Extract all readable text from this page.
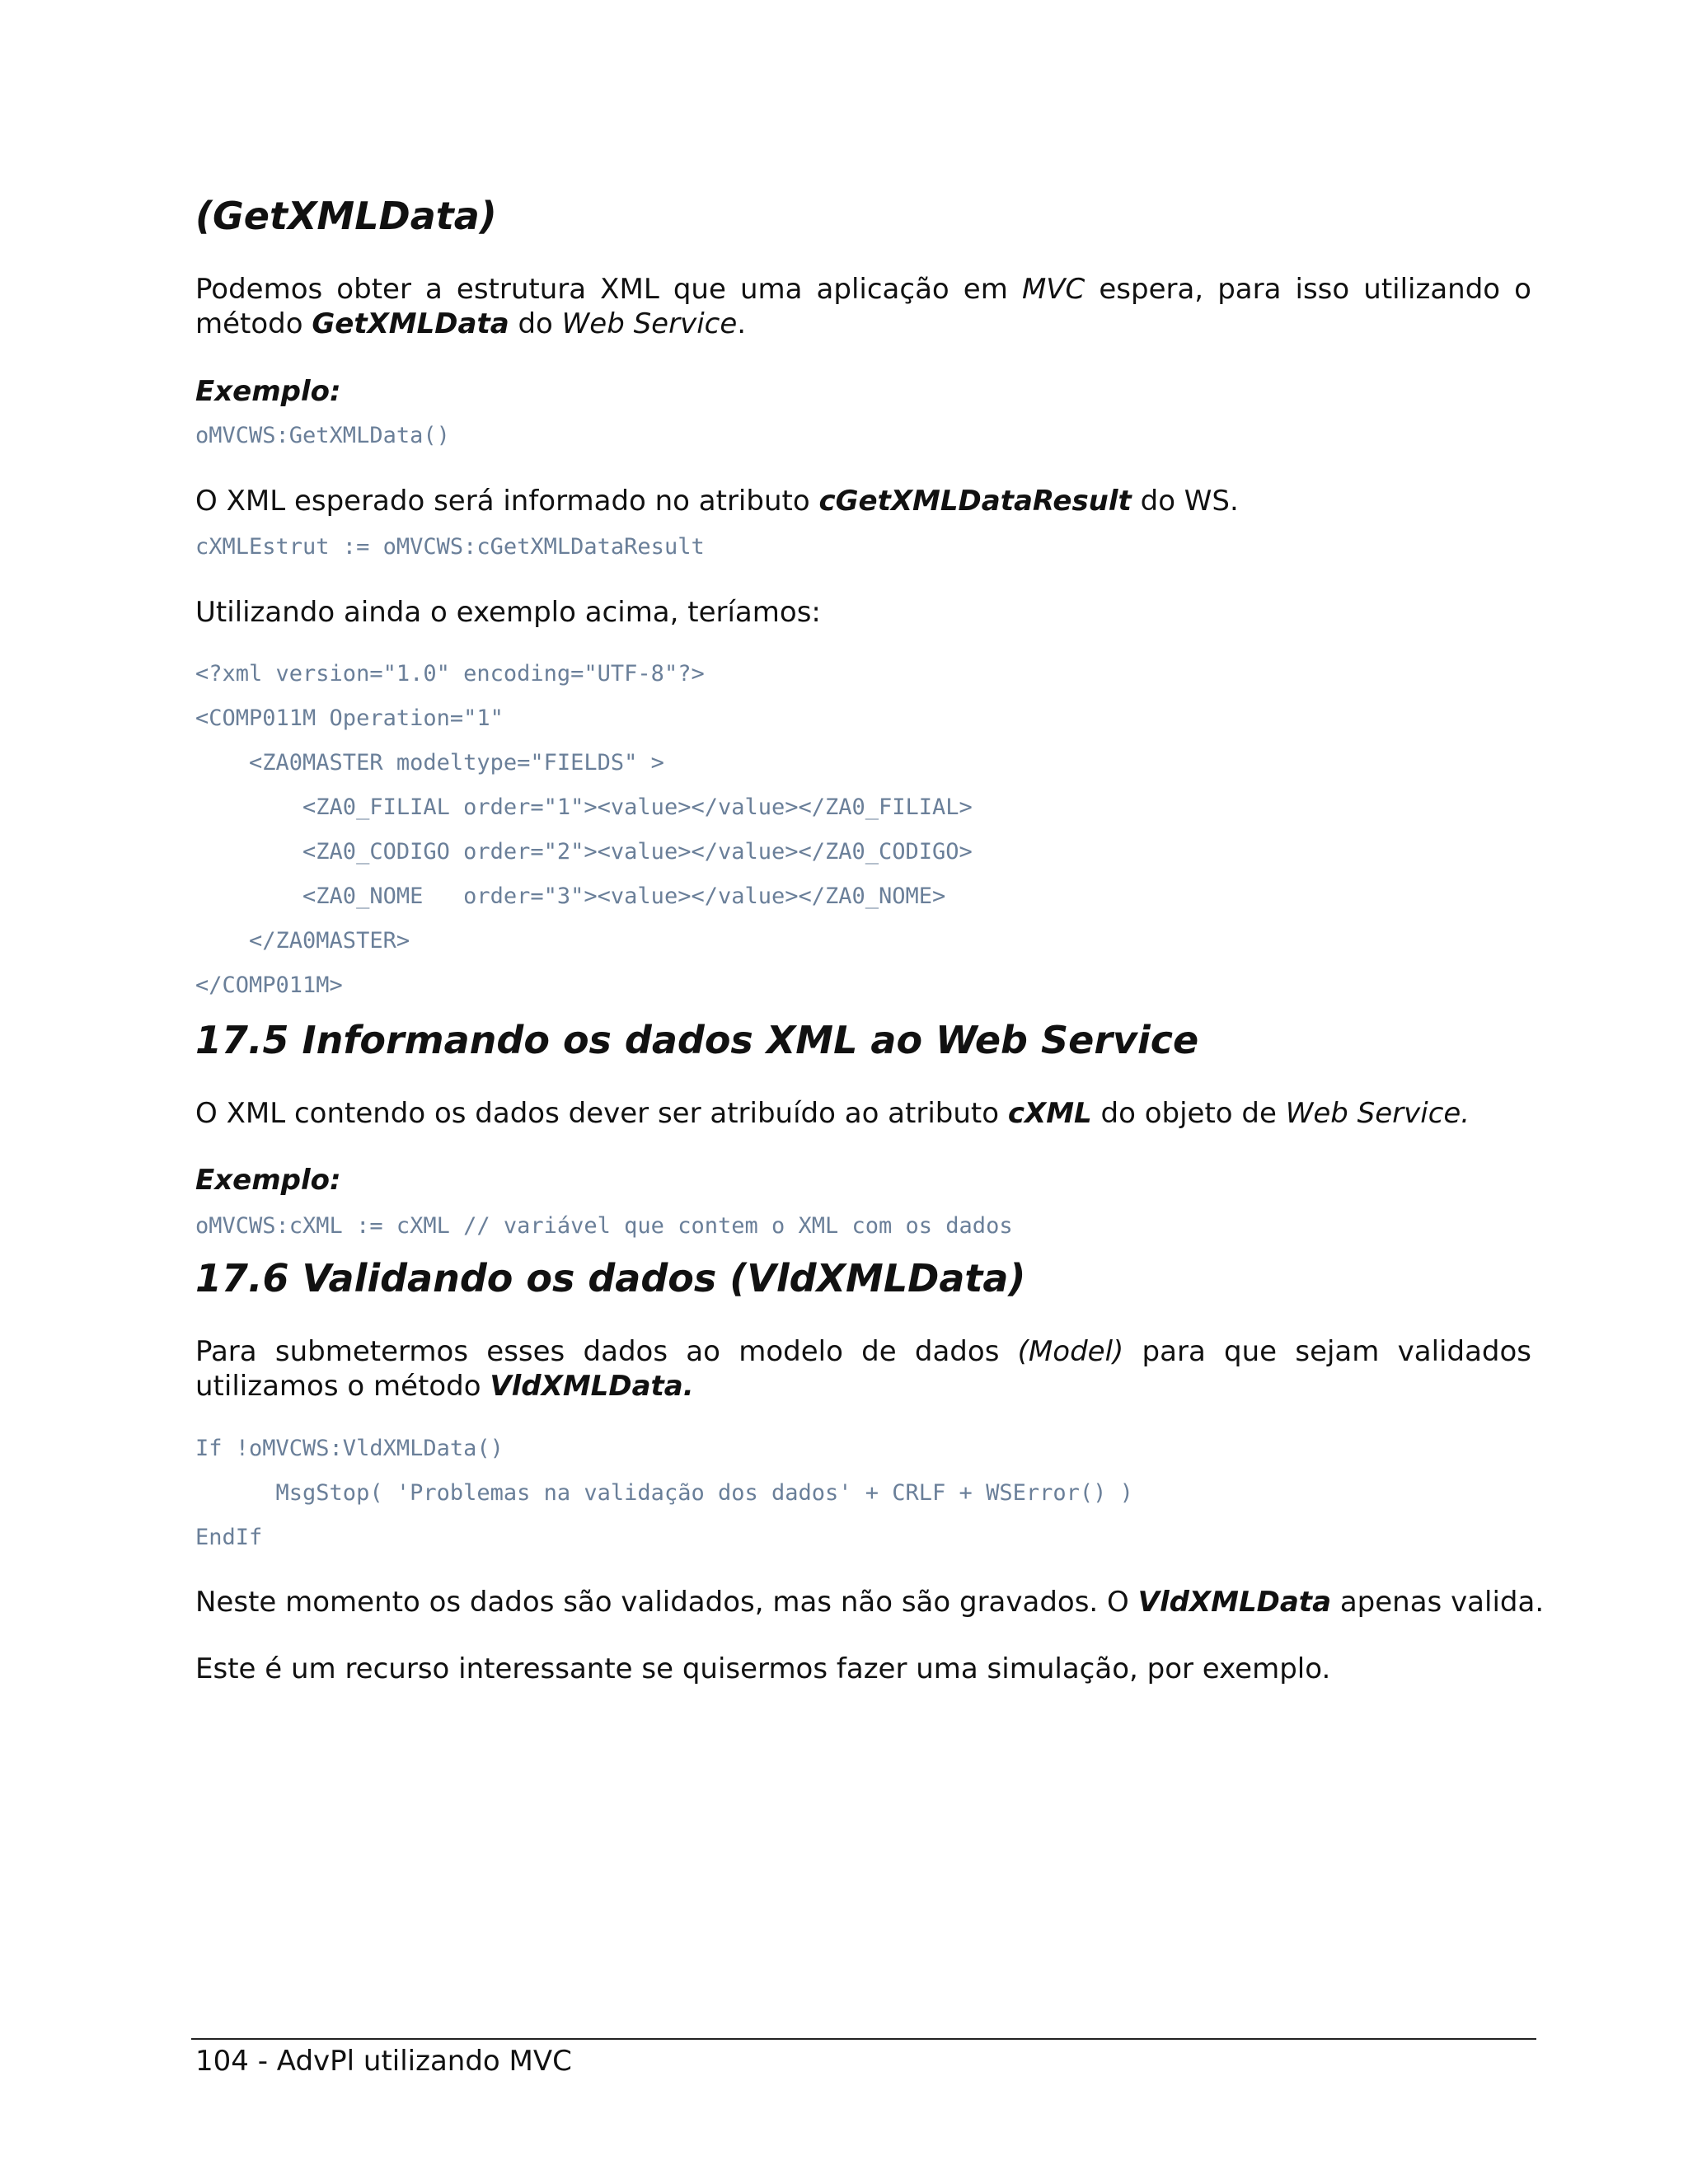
(GetXMLData)

Podemos obter a estrutura XML que uma aplicação em MVC espera, para isso utilizando o método GetXMLData do Web Service.

Exemplo:
oMVCWS:GetXMLData()

O XML esperado será informado no atributo cGetXMLDataResult do WS.

cXMLEstrut := oMVCWS:cGetXMLDataResult

Utilizando ainda o exemplo acima, teríamos:

<?xml version="1.0" encoding="UTF-8"?>
<COMP011M Operation="1"
<ZA0MASTER modeltype="FIELDS" >
<ZA0_FILIAL order="1"><value></value></ZA0_FILIAL>
<ZA0_CODIGO order="2"><value></value></ZA0_CODIGO>
<ZA0_NOME   order="3"><value></value></ZA0_NOME>
</ZA0MASTER>
</COMP011M>
17.5 Informando os dados XML ao Web Service

O XML contendo os dados dever ser atribuído ao atributo cXML do objeto de Web Service.

Exemplo:
oMVCWS:cXML := cXML // variável que contem o XML com os dados
17.6 Validando os dados (VldXMLData)

Para submetermos esses dados ao modelo de dados (Model) para que sejam validados utilizamos o método VldXMLData.

If !oMVCWS:VldXMLData()
MsgStop( 'Problemas na validação dos dados' + CRLF + WSError() )
EndIf

Neste momento os dados são validados, mas não são gravados. O VldXMLData apenas valida.

Este é um recurso interessante se quisermos fazer uma simulação, por exemplo.

104 - AdvPl utilizando MVC
